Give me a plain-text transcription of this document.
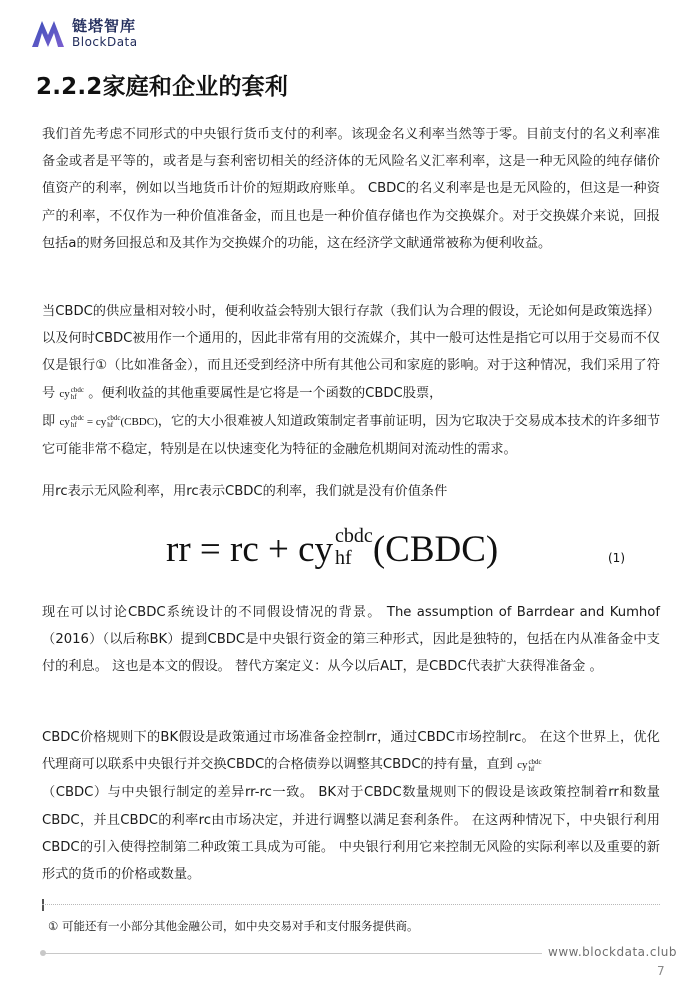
链塔智库
BlockData
2.2.2家庭和企业的套利
我们首先考虑不同形式的中央银行货币支付的利率。该现金名义利率当然等于零。目前支付的名义利率准备金或者是平等的，或者是与套利密切相关的经济体的无风险名义汇率利率，这是一种无风险的纯存储价值资产的利率，例如以当地货币计价的短期政府账单。 CBDC的名义利率是也是无风险的，但这是一种资产的利率，不仅作为一种价值准备金，而且也是一种价值存储也作为交换媒介。对于交换媒介来说，回报包括a的财务回报总和及其作为交换媒介的功能，这在经济学文献通常被称为便利收益。
当CBDC的供应量相对较小时，便利收益会特别大银行存款（我们认为合理的假设，无论如何是政策选择）以及何时CBDC被用作一个通用的，因此非常有用的交流媒介，其中一般可达性是指它可以用于交易而不仅仅是银行①（比如准备金），而且还受到经济中所有其他公司和家庭的影响。对于这种情况，我们采用了符号 cycbdc
hf 。便利收益的其他重要属性是它将是一个函数的CBDC股票，
即 cycbdc
hf = cycbdc
hf (CBDC)，它的大小很难被人知道政策制定者事前证明，因为它取决于交易成本技术的许多细节它可能非常不稳定，特别是在以快速变化为特征的金融危机期间对流动性的需求。
用rc表示无风险利率，用rc表示CBDC的利率，我们就是没有价值条件
rr = rc + cy cbdc
hf (CBDC)	(1)
现在可以讨论CBDC系统设计的不同假设情况的背景。 The assumption of Barrdear and Kumhof （2016）（以后称BK）提到CBDC是中央银行资金的第三种形式，因此是独特的，包括在内从准备金中支付的利息。 这也是本文的假设。 替代方案定义：从今以后ALT，是CBDC代表扩大获得准备金 。
CBDC价格规则下的BK假设是政策通过市场准备金控制rr，通过CBDC市场控制rc。 在这个世界上，优化代理商可以联系中央银行并交换CBDC的合格债券以调整其CBDC的持有量，直到 cycbdc
hf
（CBDC）与中央银行制定的差异rr-rc一致。 BK对于CBDC数量规则下的假设是该政策控制着rr和数量CBDC，并且CBDC的利率rc由市场决定，并进行调整以满足套利条件。 在这两种情况下，中央银行利用CBDC的引入使得控制第二种政策工具成为可能。 中央银行利用它来控制无风险的实际利率以及重要的新形式的货币的价格或数量。
① 可能还有一小部分其他金融公司，如中央交易对手和支付服务提供商。
www.blockdata.club
7
